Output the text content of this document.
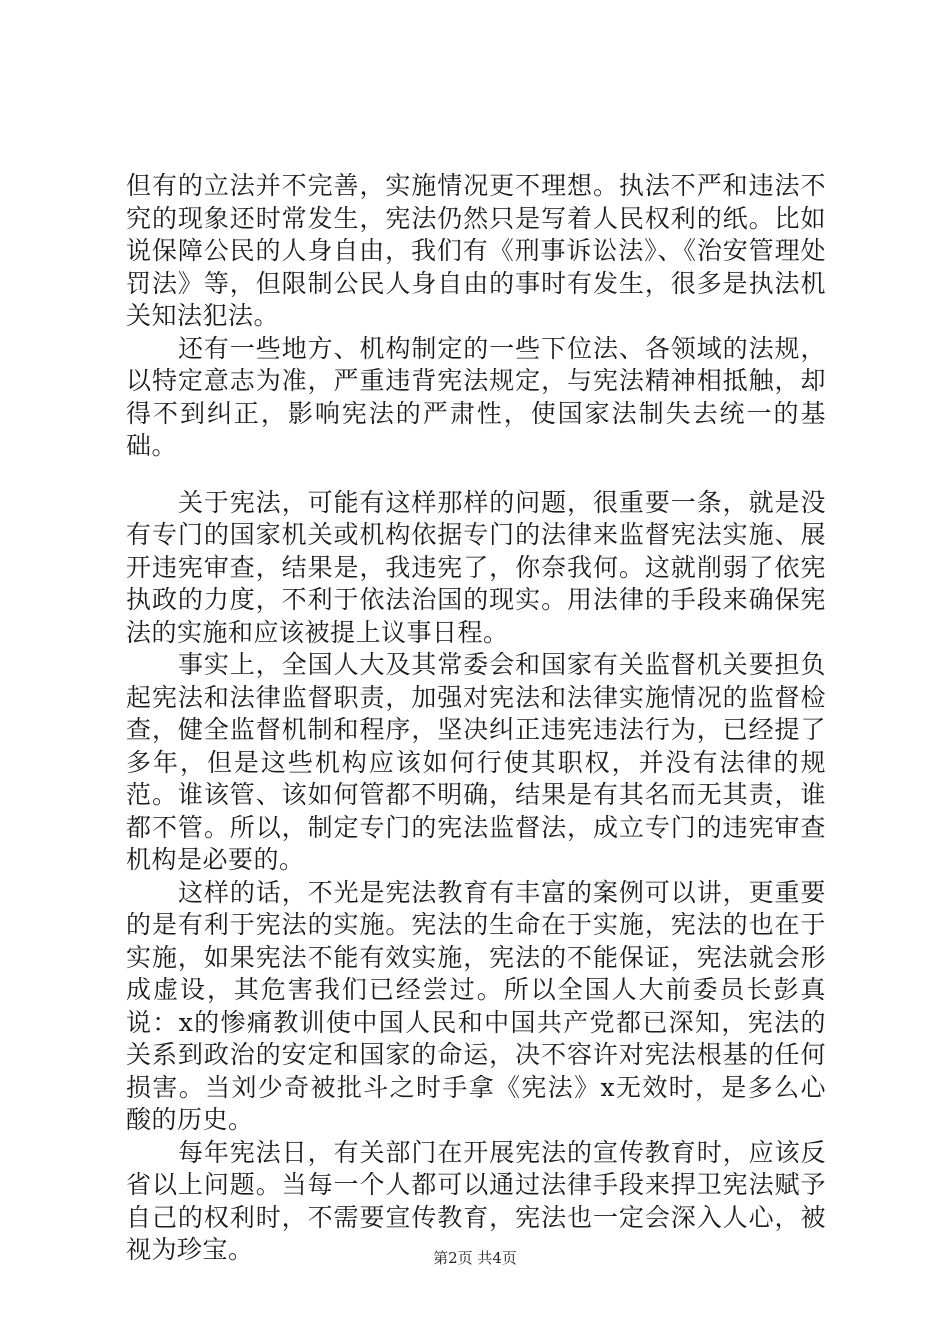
但有的立法并不完善，实施情况更不理想。执法不严和违法不究的现象还时常发生，宪法仍然只是写着人民权利的纸。比如说保障公民的人身自由，我们有《刑事诉讼法》、《治安管理处罚法》等，但限制公民人身自由的事时有发生，很多是执法机关知法犯法。

还有一些地方、机构制定的一些下位法、各领域的法规，以特定意志为准，严重违背宪法规定，与宪法精神相抵触，却得不到纠正，影响宪法的严肃性，使国家法制失去统一的基础。

关于宪法，可能有这样那样的问题，很重要一条，就是没有专门的国家机关或机构依据专门的法律来监督宪法实施、展开违宪审查，结果是，我违宪了，你奈我何。这就削弱了依宪执政的力度，不利于依法治国的现实。用法律的手段来确保宪法的实施和应该被提上议事日程。

事实上，全国人大及其常委会和国家有关监督机关要担负起宪法和法律监督职责，加强对宪法和法律实施情况的监督检查，健全监督机制和程序，坚决纠正违宪违法行为，已经提了多年，但是这些机构应该如何行使其职权，并没有法律的规范。谁该管、该如何管都不明确，结果是有其名而无其责，谁都不管。所以，制定专门的宪法监督法，成立专门的违宪审查机构是必要的。

这样的话，不光是宪法教育有丰富的案例可以讲，更重要的是有利于宪法的实施。宪法的生命在于实施，宪法的也在于实施，如果宪法不能有效实施，宪法的不能保证，宪法就会形成虚设，其危害我们已经尝过。所以全国人大前委员长彭真说：x的惨痛教训使中国人民和中国共产党都已深知，宪法的关系到政治的安定和国家的命运，决不容许对宪法根基的任何损害。当刘少奇被批斗之时手拿《宪法》x无效时，是多么心酸的历史。

每年宪法日，有关部门在开展宪法的宣传教育时，应该反省以上问题。当每一个人都可以通过法律手段来捍卫宪法赋予自己的权利时，不需要宣传教育，宪法也一定会深入人心，被视为珍宝。	第2页 共4页
